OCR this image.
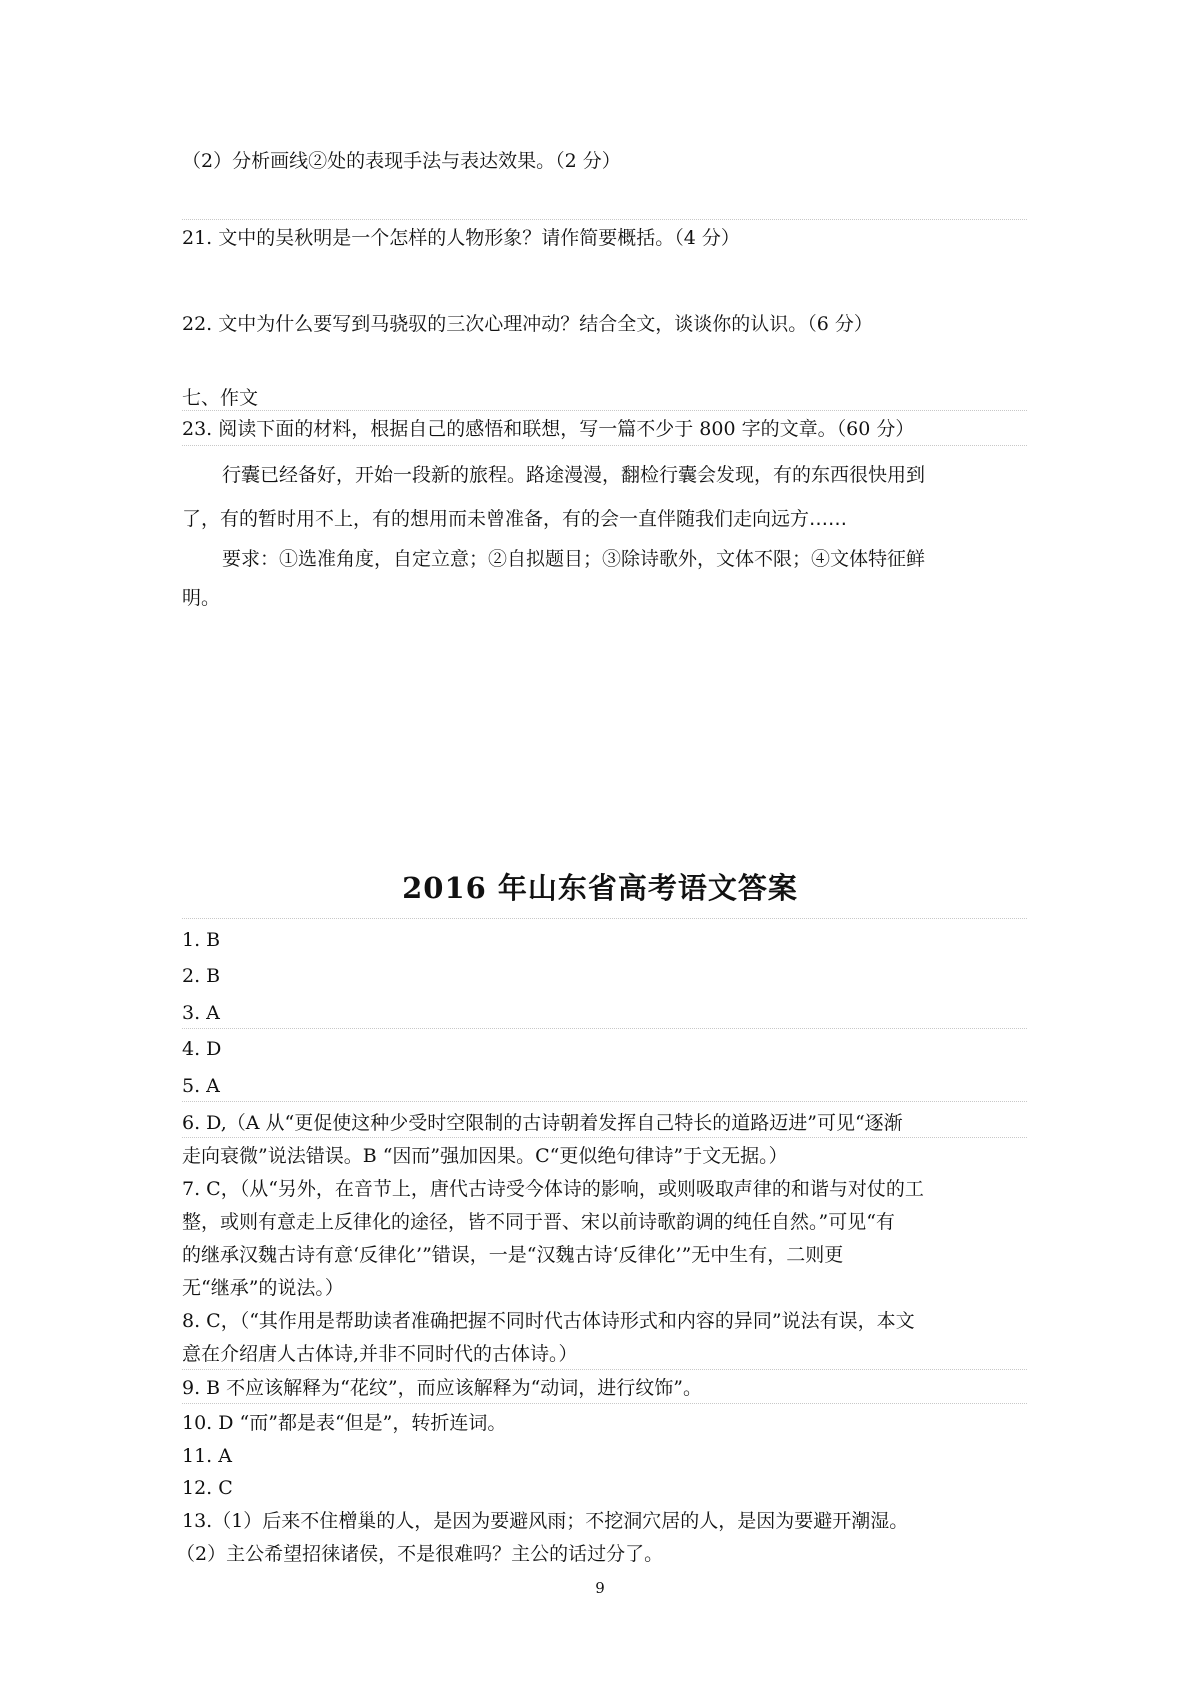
（2）分析画线②处的表现手法与表达效果。（2 分）
21. 文中的吴秋明是一个怎样的人物形象？请作简要概括。（4 分）
22. 文中为什么要写到马骁驭的三次心理冲动？结合全文，谈谈你的认识。（6 分）
七、作文
23. 阅读下面的材料，根据自己的感悟和联想，写一篇不少于 800 字的文章。（60 分）
行囊已经备好，开始一段新的旅程。路途漫漫，翻检行囊会发现，有的东西很快用到
了，有的暂时用不上，有的想用而未曾准备，有的会一直伴随我们走向远方……
要求：①选准角度，自定立意；②自拟题目；③除诗歌外，文体不限；④文体特征鲜
明。
2016 年山东省高考语文答案
1. B
2. B
3. A
4. D
5. A
6. D,（A 从“更促使这种少受时空限制的古诗朝着发挥自己特长的道路迈进”可见“逐渐
走向衰微”说法错误。B “因而”强加因果。C“更似绝句律诗”于文无据。）
7. C，（从“另外，在音节上，唐代古诗受今体诗的影响，或则吸取声律的和谐与对仗的工
整，或则有意走上反律化的途径，皆不同于晋、宋以前诗歌韵调的纯任自然。”可见“有
的继承汉魏古诗有意‘反律化’”错误，一是“汉魏古诗‘反律化’”无中生有，二则更
无“继承”的说法。）
8. C，（“其作用是帮助读者准确把握不同时代古体诗形式和内容的异同”说法有误，本文
意在介绍唐人古体诗,并非不同时代的古体诗。）
9. B 不应该解释为“花纹”，而应该解释为“动词，进行纹饰”。
10. D “而”都是表“但是”，转折连词。
11. A
12. C
13.（1）后来不住橧巢的人，是因为要避风雨；不挖洞穴居的人，是因为要避开潮湿。
（2）主公希望招徕诸侯，不是很难吗？主公的话过分了。
9
